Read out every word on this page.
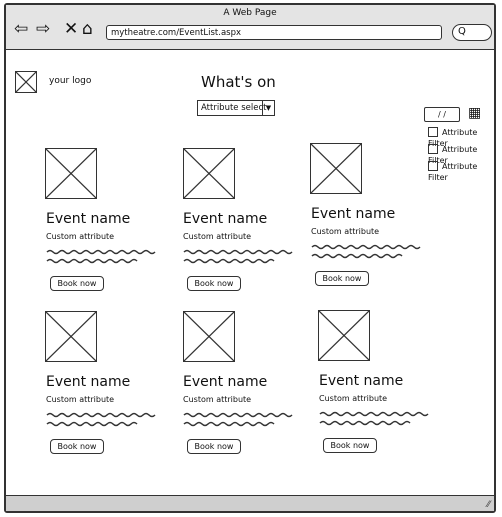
A Web Page
⇦ ⇨ ✕ ⌂	mytheatre.com/EventList.aspx	Q
your logo	What's on
Attribute select ▼
/ /	▦
Attribute Filter
Attribute Filter
Attribute Filter
Event name
Custom attribute
Book now
Event name
Custom attribute
Book now
Event name
Custom attribute
Book now
Event name
Custom attribute
Book now
Event name
Custom attribute
Book now
Event name
Custom attribute
Book now
⁄⁄
